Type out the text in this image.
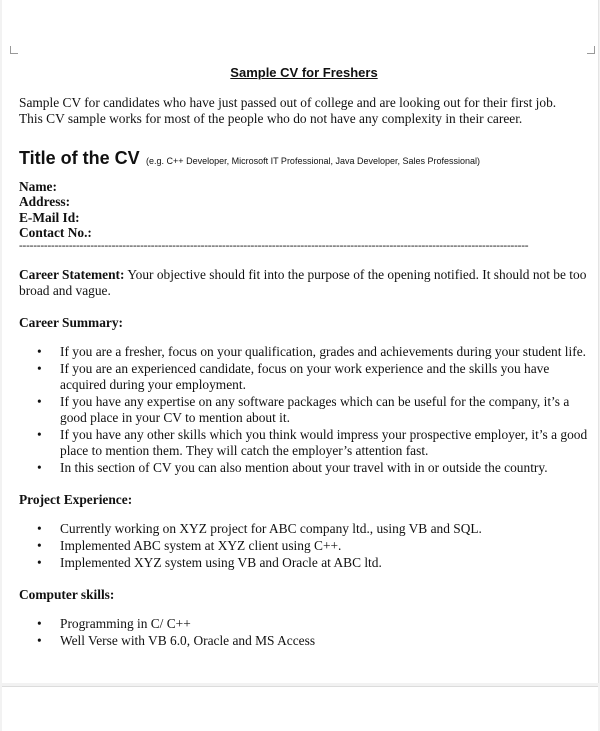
Sample CV for Freshers

Sample CV for candidates who have just passed out of college and are looking out for their first job.

This CV sample works for most of the people who do not have any complexity in their career.

Title of the CV (e.g. C++ Developer, Microsoft IT Professional, Java Developer, Sales Professional)
Name:
Address:
E-Mail Id:
Contact No.:
-----------------------------------------------------------------------------------------------------------------------------------------------
Career Statement: Your objective should fit into the purpose of the opening notified. It should not be too broad and vague.
Career Summary:
• If you are a fresher, focus on your qualification, grades and achievements during your student life.
• If you are an experienced candidate, focus on your work experience and the skills you have acquired during your employment.
• If you have any expertise on any software packages which can be useful for the company, it’s a good place in your CV to mention about it.
• If you have any other skills which you think would impress your prospective employer, it’s a good place to mention them. They will catch the employer’s attention fast.
• In this section of CV you can also mention about your travel with in or outside the country.
Project Experience:
• Currently working on XYZ project for ABC company ltd., using VB and SQL.
• Implemented ABC system at XYZ client using C++.
• Implemented XYZ system using VB and Oracle at ABC ltd.
Computer skills:
• Programming in C/ C++
• Well Verse with VB 6.0, Oracle and MS Access
